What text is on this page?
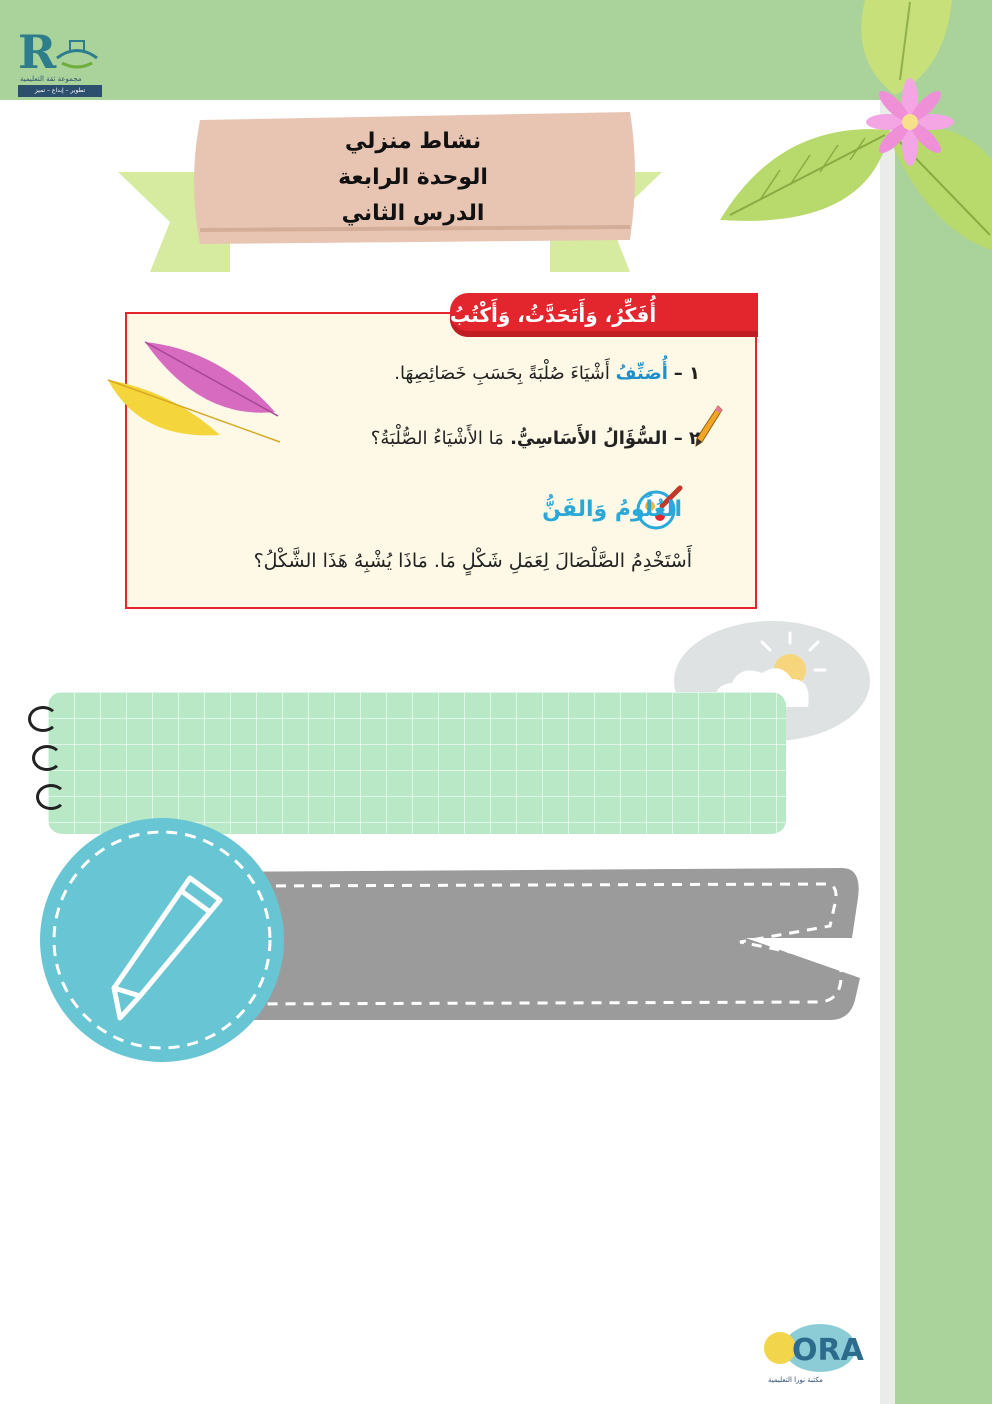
R
مجموعة ثقة التعليمية
تطوير – إبداع – تميز
نشاط منزلي
الوحدة الرابعة
الدرس الثاني
أُفَكِّرُ، وَأَتَحَدَّثُ، وَأَكْتُبُ
١ – أُصَنِّفُ أَشْيَاءَ صُلْبَةً بِحَسَبِ خَصَائِصِهَا.
٢ – السُّؤَالُ الأَسَاسِيُّ. مَا الأَشْيَاءُ الصُّلْبَةُ؟
العُلُومُ وَالفَنُّ
أَسْتَخْدِمُ الصَّلْصَالَ لِعَمَلِ شَكْلٍ مَا. مَاذَا يُشْبِهُ هَذَا الشَّكْلُ؟
ORA
مكتبة نورا التعليمية
